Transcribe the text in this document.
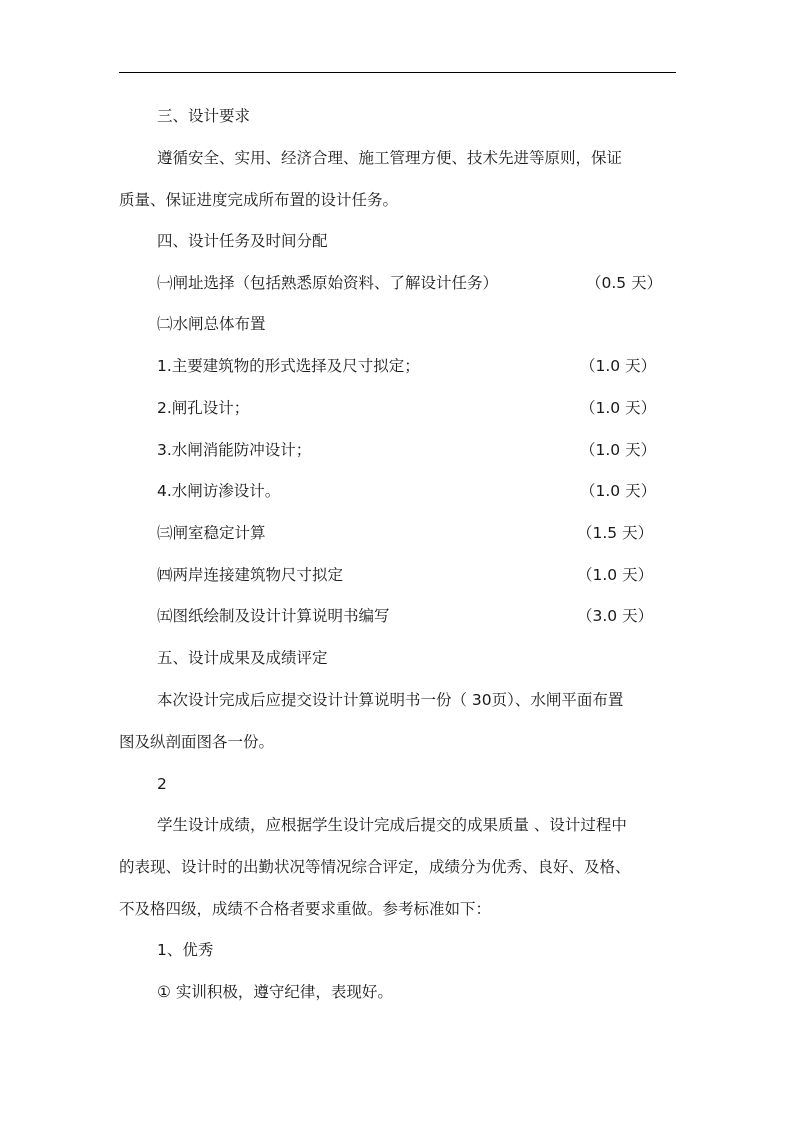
三、设计要求
遵循安全、实用、经济合理、施工管理方便、技术先进等原则，保证
质量、保证进度完成所布置的设计任务。
四、设计任务及时间分配
㈠闸址选择（包括熟悉原始资料、了解设计任务）	（0.5 天）
㈡水闸总体布置
1.主要建筑物的形式选择及尺寸拟定；	（1.0 天）
2.闸孔设计；	（1.0 天）
3.水闸消能防冲设计；	（1.0 天）
4.水闸访渗设计。	（1.0 天）
㈢闸室稳定计算	（1.5 天）
㈣两岸连接建筑物尺寸拟定	（1.0 天）
㈤图纸绘制及设计计算说明书编写	（3.0 天）
五、设计成果及成绩评定
本次设计完成后应提交设计计算说明书一份（ 30页）、水闸平面布置
图及纵剖面图各一份。
2
学生设计成绩，应根据学生设计完成后提交的成果质量 、设计过程中
的表现、设计时的出勤状况等情况综合评定，成绩分为优秀、良好、及格、
不及格四级，成绩不合格者要求重做。参考标准如下：
1、优秀
① 实训积极，遵守纪律，表现好。
